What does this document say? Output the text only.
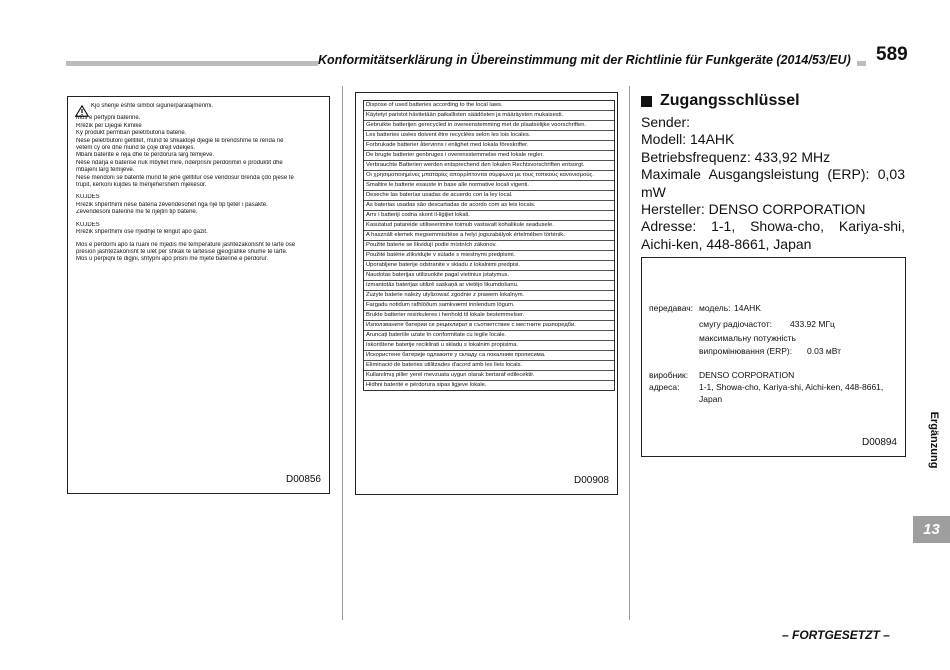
Konformitätserklärung in Übereinstimmung mit der Richtlinie für Funkgeräte (2014/53/EU)	589
Kjo shenje eshte simbol sigurie/paralajmerimi.
Mos e përtypni baterine.
Rrezik për Djegie Kimike
Ky produkt permban pelet/butona baterie.
Nëse pelet/butoni gëlltitet, mund të shkaktojë djegie të brendshme të rënda në
vetëm cy orë dhe mund të çojë drejt vdekjes.
Mbani bateritë e reja dhe të përdorura larg fëmijëve.
Nëse ndarja e baterisë nuk mbyllet mirë, ndërprisni përdorimin e produktit dhe
mbajeni larg fëmijëve.
Nëse mendoni se bateritë mund të jenë gëlltitur ose vendosur brenda çdo pjese të
trupit, kërkoni kujdes të menjëhershëm mjekësor.
KUJDES
Rrezik shpërthimi nëse bateria zëvendësohet nga një tip tjetër i pasaktë.
Zëvendësoni baterinë me të njëjtin tip baterie.
KUJDES
Rrezik shpërthimi ose rrjedhje të lëngut apo gazit.
Mos e përdorni apo ta ruani në mjedis me temperaturë jashtëzakonisht të lartë ose
presion jashtëzakonisht të ulët për shkak të lartësisë gjeografike shume të lartë.
Mos u përpiqni të digjni, shtypni apo prisni me mjete baterinë e përdorur.
D00856
Dispose of used batteries according to the local laws.
Käytetyt paristot hävitetään paikallisten säädösten ja määräysten mukaisesti.
Gebruikte batterijen gerecycled in overeenstemming met de plaatselijke voorschriften.
Les batteries usées doivent être recyclées selon les lois locales.
Forbrukade batterier återvinns i enlighet med lokala föreskrifter.
De brugte batterier genbruges i overensstemmelse med lokale regler.
Verbrauchte Batterien werden entsprechend den lokalen Rechtsvorschriften entsorgt.
Οι χρησιμοποιημένες μπαταρίες απορρίπτονται σύμφωνα με τους τοπικούς κανονισμούς.
Smaltire le batterie esauste in base alle normative locali vigenti.
Deseche las baterías usadas de acuerdo con la ley local.
As baterias usadas são descartadas de acordo com as leis locais.
Arnı i batteriji codna skont il-liġijiet lokali.
Kasutatud patareide utiliseerimine toimub vastavalt kohalikule seadusele.
A használt elemek megsemmisítése a helyi jogszabályok értelmében történik.
Použité baterie se likvidují podle místních zákonov.
Použité batérie zlikvidujte v súlade s miestnymi predpismi.
Uporabljene baterije odstranite v skladu z lokalnimi predpisi.
Naudotas baterijas utilizuokite pagal vietinius įstatymus.
Izmantotās baterijas utilizē saskaņā ar vietējo likumdošanu.
Zużyte baterie należy utylizować zgodnie z prawem lokalnym.
Fargadu notidum rafhlöðum samkvæmt innlendum lögum.
Brukte batterier resirkuleres i henhold til lokale bestemmelser.
Използваните батерии се рециклират в съответствие с местните разпоредби.
Aruncați bateriile uzate în conformitate cu legile locale.
Iskorištene baterije reciklirati u skladu s lokalnim propisima.
Искористене батерије одлажите у складу са локалним прописима.
Eliminació de bateries utilitzades d'acord amb les lleis locals.
Kullanılmış piller yerel mevzuata uygun olarak bertaraf edilecektir.
Hidhni bateritë e përdorura sipas ligjeve lokale.
D00908
Zugangsschlüssel
Sender:
Modell: 14AHK
Betriebsfrequenz: 433,92 MHz
Maximale Ausgangsleistung (ERP): 0,03 mW
Hersteller: DENSO CORPORATION
Adresse: 1-1, Showa-cho, Kariya-shi, Aichi-ken, 448-8661, Japan
передавач: модель: 14AHK
смугу радіочастот: 433.92 МГц
максимальну потужність
випромінювання (ERP): 0.03 мВт
виробник: DENSO CORPORATION
адреса: 1-1, Showa-cho, Kariya-shi, Aichi-ken, 448-8661,
Japan
D00894	Ergänzung
13
– FORTGESETZT –
